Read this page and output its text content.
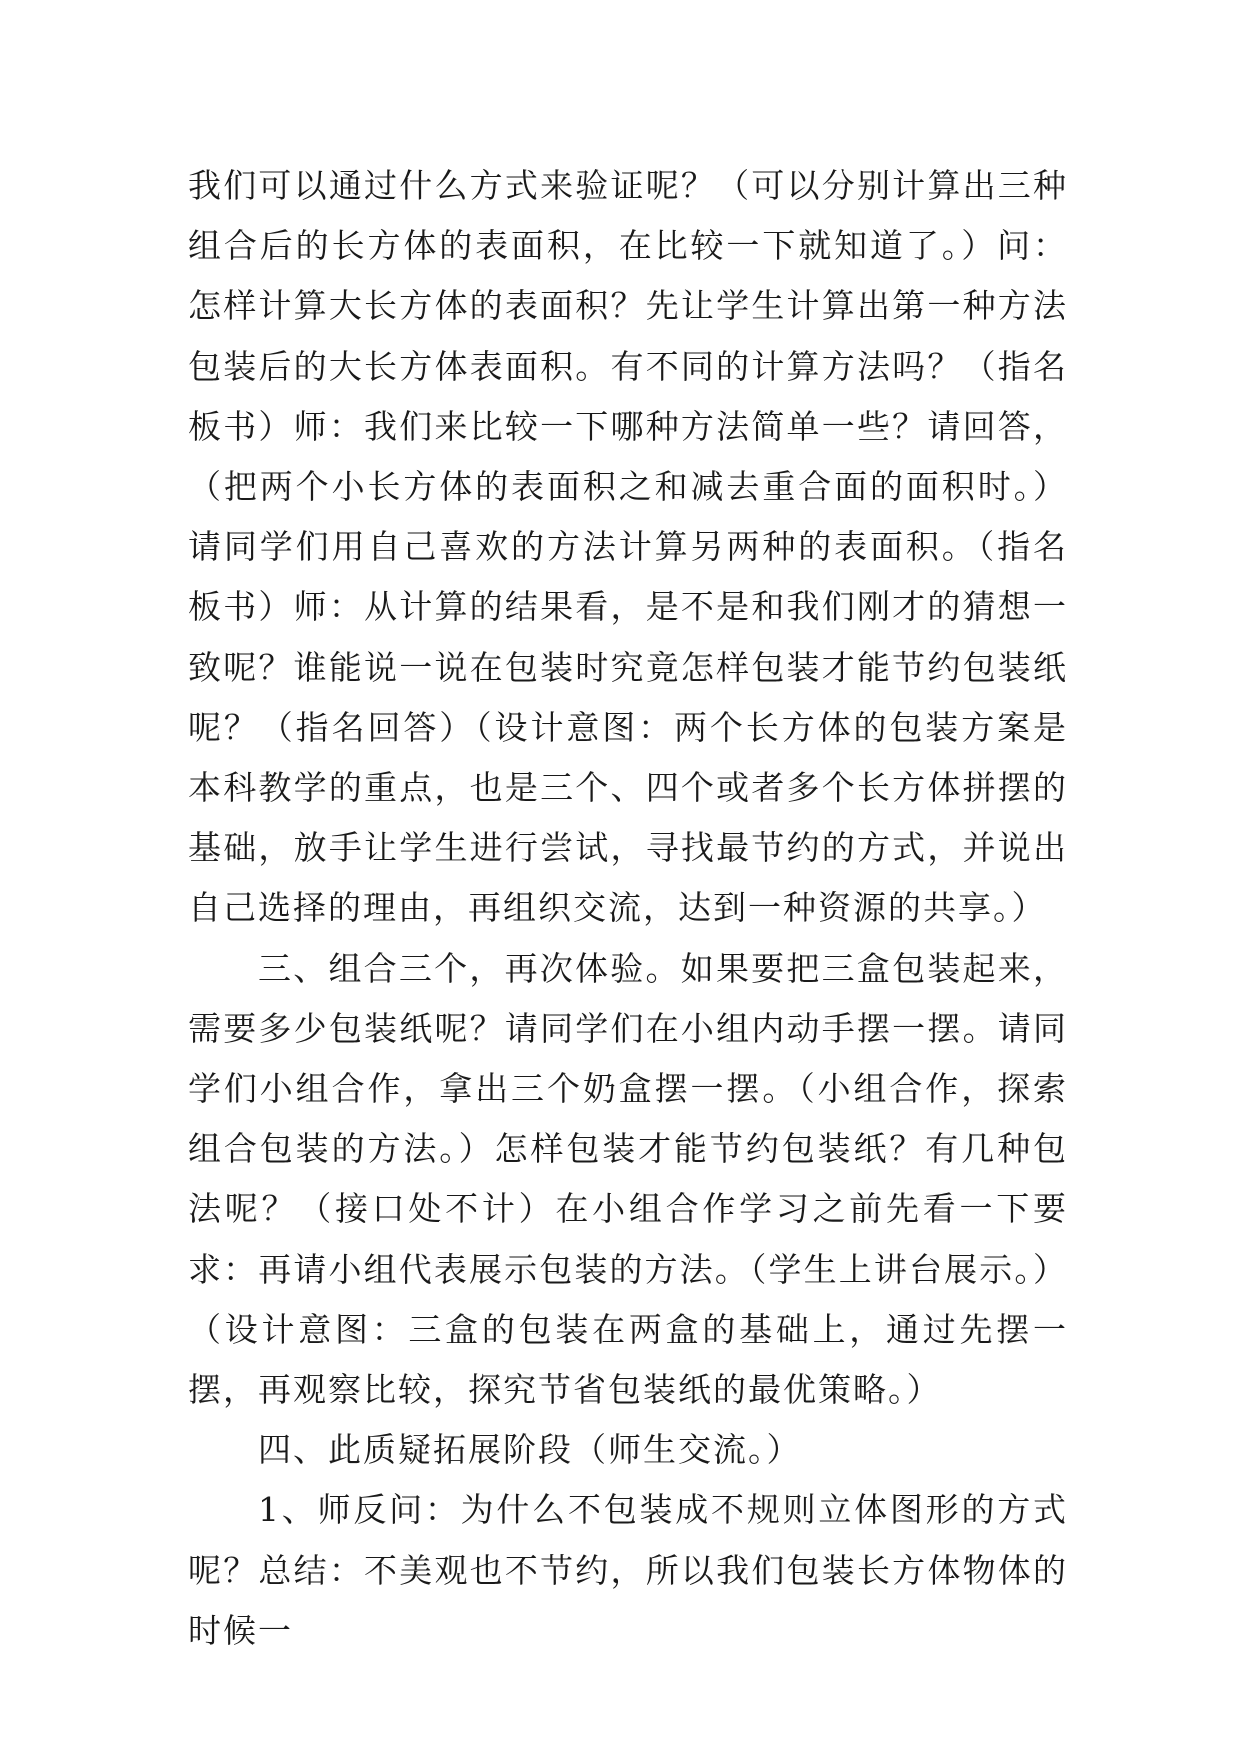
我们可以通过什么方式来验证呢？（可以分别计算出三种组合后的长方体的表面积，在比较一下就知道了。）问：怎样计算大长方体的表面积？先让学生计算出第一种方法包装后的大长方体表面积。有不同的计算方法吗？（指名板书）师：我们来比较一下哪种方法简单一些？请回答，（把两个小长方体的表面积之和减去重合面的面积时。）请同学们用自己喜欢的方法计算另两种的表面积。（指名板书）师：从计算的结果看，是不是和我们刚才的猜想一致呢？谁能说一说在包装时究竟怎样包装才能节约包装纸呢？（指名回答）（设计意图：两个长方体的包装方案是本科教学的重点，也是三个、四个或者多个长方体拼摆的基础，放手让学生进行尝试，寻找最节约的方式，并说出自己选择的理由，再组织交流，达到一种资源的共享。）

三、组合三个，再次体验。如果要把三盒包装起来，需要多少包装纸呢？请同学们在小组内动手摆一摆。请同学们小组合作，拿出三个奶盒摆一摆。（小组合作，探索组合包装的方法。）怎样包装才能节约包装纸？有几种包法呢？（接口处不计）在小组合作学习之前先看一下要求：再请小组代表展示包装的方法。（学生上讲台展示。）（设计意图：三盒的包装在两盒的基础上，通过先摆一摆，再观察比较，探究节省包装纸的最优策略。）

四、此质疑拓展阶段（师生交流。）

1、师反问：为什么不包装成不规则立体图形的方式呢？总结：不美观也不节约，所以我们包装长方体物体的时候一
